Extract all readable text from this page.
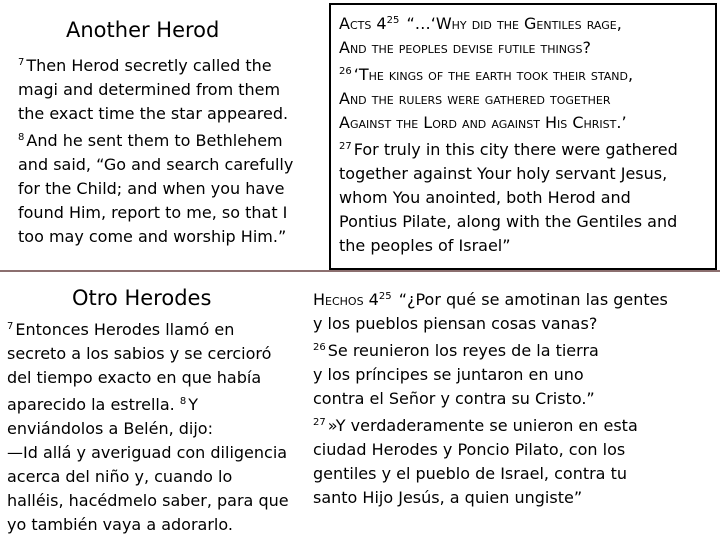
Another Herod

$^7$ Then Herod secretly called the

magi and determined from them

the exact time the star appeared.

$^8$ And he sent them to Bethlehem

and said, “Go and search carefully

for the Child; and when you have

found Him, report to me, so that I

too may come and worship Him.”

Acts $4^{25}$ “…‘Why did the Gentiles rage,

And the peoples devise futile things?

$^{26}$ ‘The kings of the earth took their stand,

And the rulers were gathered together

Against the Lord and against His Christ.’

$^{27}$ For truly in this city there were gathered

together against Your holy servant Jesus,

whom You anointed, both Herod and

Pontius Pilate, along with the Gentiles and

the peoples of Israel”

Otro Herodes

$^7$ Entonces Herodes llamó en

secreto a los sabios y se cercioró

del tiempo exacto en que había

aparecido la estrella. $^8$ Y

enviándolos a Belén, dijo:

—Id allá y averiguad con diligencia

acerca del niño y, cuando lo

halléis, hacédmelo saber, para que

yo también vaya a adorarlo.

Hechos $4^{25}$ “¿Por qué se amotinan las gentes

y los pueblos piensan cosas vanas?

$^{26}$ Se reunieron los reyes de la tierra

y los príncipes se juntaron en uno

contra el Señor y contra su Cristo.”

$^{27}$ »Y verdaderamente se unieron en esta

ciudad Herodes y Poncio Pilato, con los

gentiles y el pueblo de Israel, contra tu

santo Hijo Jesús, a quien ungiste”
